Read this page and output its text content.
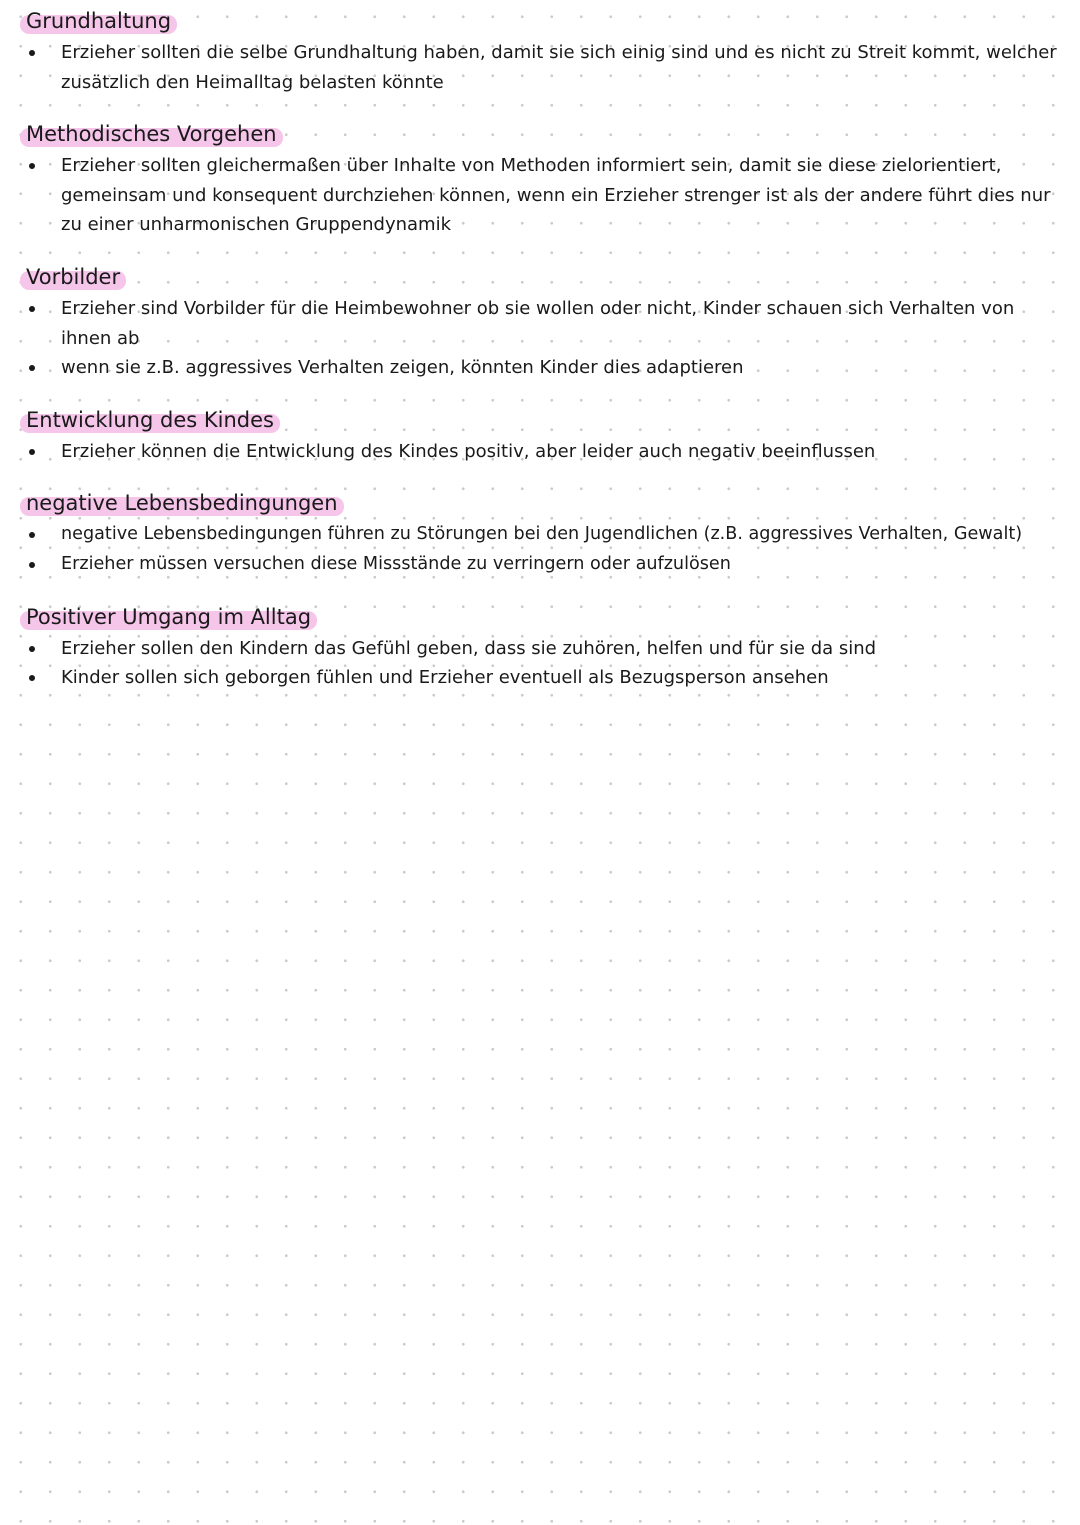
Grundhaltung
Erzieher sollten die selbe Grundhaltung haben, damit sie sich einig sind und es nicht zu Streit kommt, welcher zusätzlich den Heimalltag belasten könnte
Methodisches Vorgehen
Erzieher sollten gleichermaßen über Inhalte von Methoden informiert sein, damit sie diese zielorientiert, gemeinsam und konsequent durchziehen können, wenn ein Erzieher strenger ist als der andere führt dies nur zu einer unharmonischen Gruppendynamik
Vorbilder
Erzieher sind Vorbilder für die Heimbewohner ob sie wollen oder nicht, Kinder schauen sich Verhalten von ihnen ab
wenn sie z.B. aggressives Verhalten zeigen, könnten Kinder dies adaptieren
Entwicklung des Kindes
Erzieher können die Entwicklung des Kindes positiv, aber leider auch negativ beeinflussen
negative Lebensbedingungen
negative Lebensbedingungen führen zu Störungen bei den Jugendlichen (z.B. aggressives Verhalten, Gewalt)
Erzieher müssen versuchen diese Missstände zu verringern oder aufzulösen
Positiver Umgang im Alltag
Erzieher sollen den Kindern das Gefühl geben, dass sie zuhören, helfen und für sie da sind
Kinder sollen sich geborgen fühlen und Erzieher eventuell als Bezugsperson ansehen
